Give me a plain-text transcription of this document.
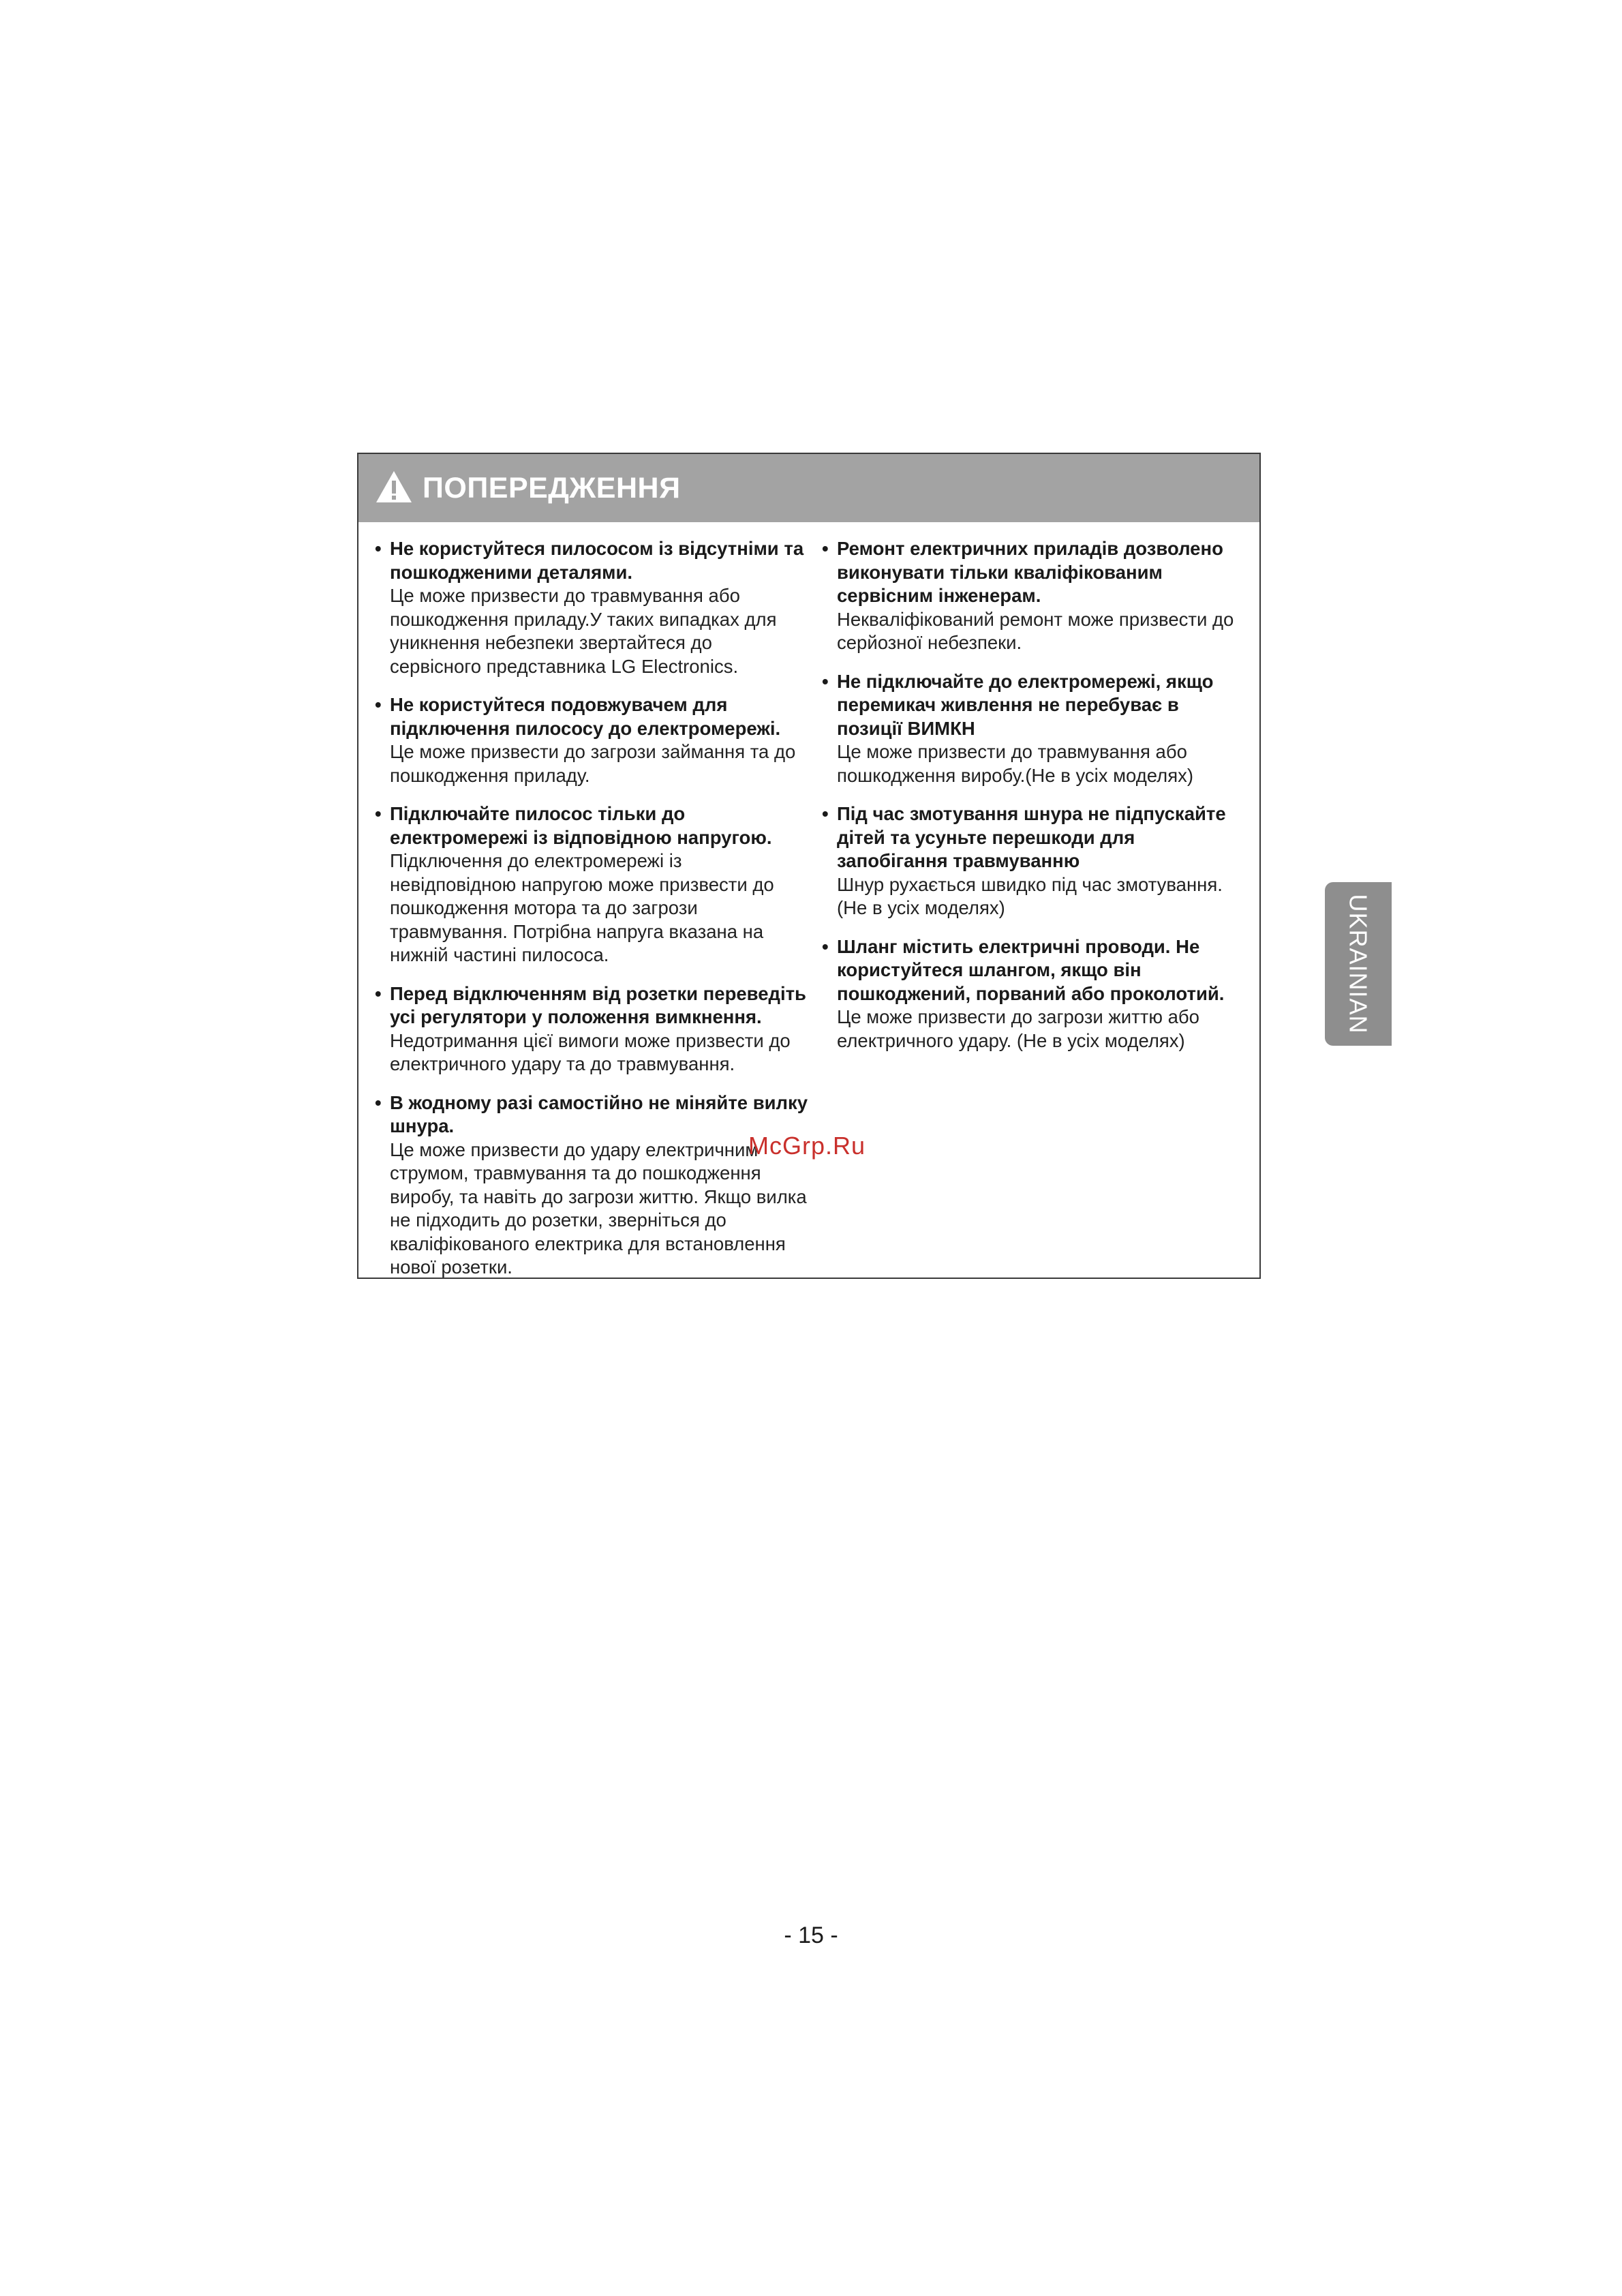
ПОПЕРЕДЖЕННЯ
• Не користуйтеся пилососом із відсутніми та пошкодженими деталями.
Це може призвести до травмування або пошкодження приладу.У таких випадках для уникнення небезпеки звертайтеся до сервісного представника LG Electronics.
• Не користуйтеся подовжувачем для підключення пилососу до електромережі.
Це може призвести до загрози займання та до пошкодження приладу.
• Підключайте пилосос тільки до електромережі із відповідною напругою.
Підключення до електромережі із невідповідною напругою може призвести до пошкодження мотора та до загрози травмування. Потрібна напруга вказана на нижній частині пилососа.
• Перед відключенням від розетки переведіть усі регулятори у положення вимкнення.
Недотримання цієї вимоги може призвести до електричного удару та до травмування.
• В жодному разі самостійно не міняйте вилку шнура.
Це може призвести до удару електричним струмом, травмування та до пошкодження виробу, та навіть до загрози життю. Якщо вилка не підходить до розетки, зверніться до кваліфікованого електрика для встановлення нової розетки.
• Ремонт електричних приладів дозволено виконувати тільки кваліфікованим сервісним інженерам.
Некваліфікований ремонт може призвести до серйозної небезпеки.
• Не підключайте до електромережі, якщо перемикач живлення не перебуває в позиції ВИМКН
Це може призвести до травмування або пошкодження виробу.(Не в усіх моделях)
• Під час змотування шнура не підпускайте дітей та усуньте перешкоди для запобігання травмуванню
Шнур рухається швидко під час змотування.(Не в усіх моделях)
• Шланг містить електричні проводи. Не користуйтеся шлангом, якщо він пошкоджений, порваний або проколотий.
Це може призвести до загрози життю або електричного удару. (Не в усіх моделях)
McGrp.Ru
UKRAINIAN
- 15 -
